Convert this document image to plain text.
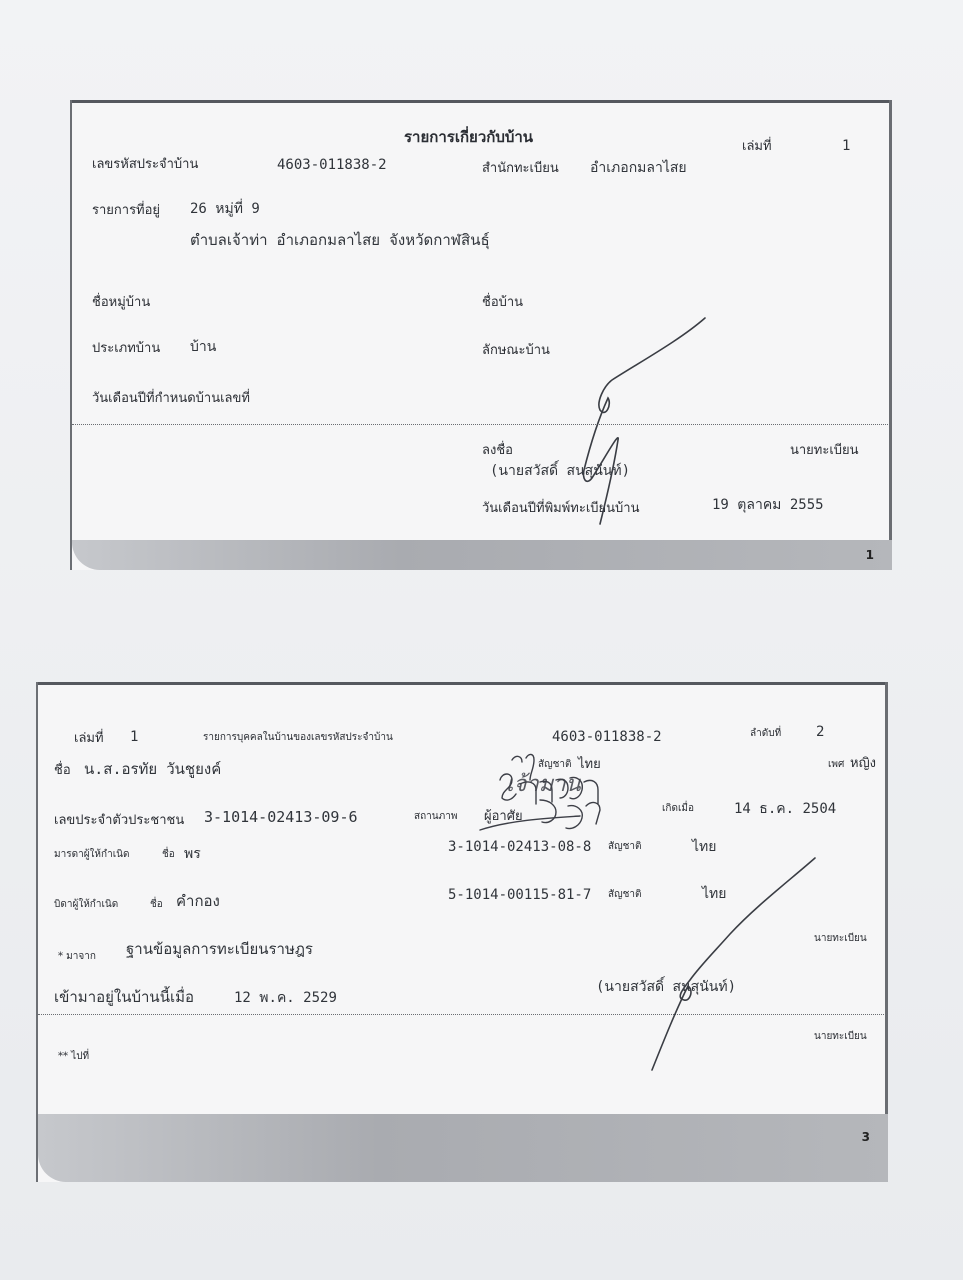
รายการเกี่ยวกับบ้าน
เล่มที่	1
เลขรหัสประจำบ้าน	4603-011838-2	สำนักทะเบียน อำเภอกมลาไสย
รายการที่อยู่ 26 หมู่ที่ 9
ตำบลเจ้าท่า อำเภอกมลาไสย จังหวัดกาฬสินธุ์
ชื่อหมู่บ้าน	ชื่อบ้าน
ประเภทบ้าน บ้าน	ลักษณะบ้าน
วันเดือนปีที่กำหนดบ้านเลขที่
ลงชื่อ	นายทะเบียน
(นายสวัสดิ์ สนสุนันท์)
วันเดือนปีที่พิมพ์ทะเบียนบ้าน	19 ตุลาคม 2555
1
เล่มที่ 1	รายการบุคคลในบ้านของเลขรหัสประจำบ้าน	4603-011838-2	ลำดับที่ 2
ชื่อ น.ส.อรทัย วันชูยงค์	สัญชาติ ไทย	เพศ หญิง
เลขประจำตัวประชาชน 3-1014-02413-09-6	สถานภาพ ผู้อาศัย
เกิดเมื่อ	14 ธ.ค. 2504
มารดาผู้ให้กำเนิด	ชื่อ พร	3-1014-02413-08-8 สัญชาติ	ไทย
บิดาผู้ให้กำเนิด	ชื่อ คำกอง	5-1014-00115-81-7 สัญชาติ	ไทย
นายทะเบียน
* มาจาก ฐานข้อมูลการทะเบียนราษฎร
(นายสวัสดิ์ สนสุนันท์)
เข้ามาอยู่ในบ้านนี้เมื่อ	12 พ.ค. 2529
นายทะเบียน
** ไปที่
3
เจ้ามาน
